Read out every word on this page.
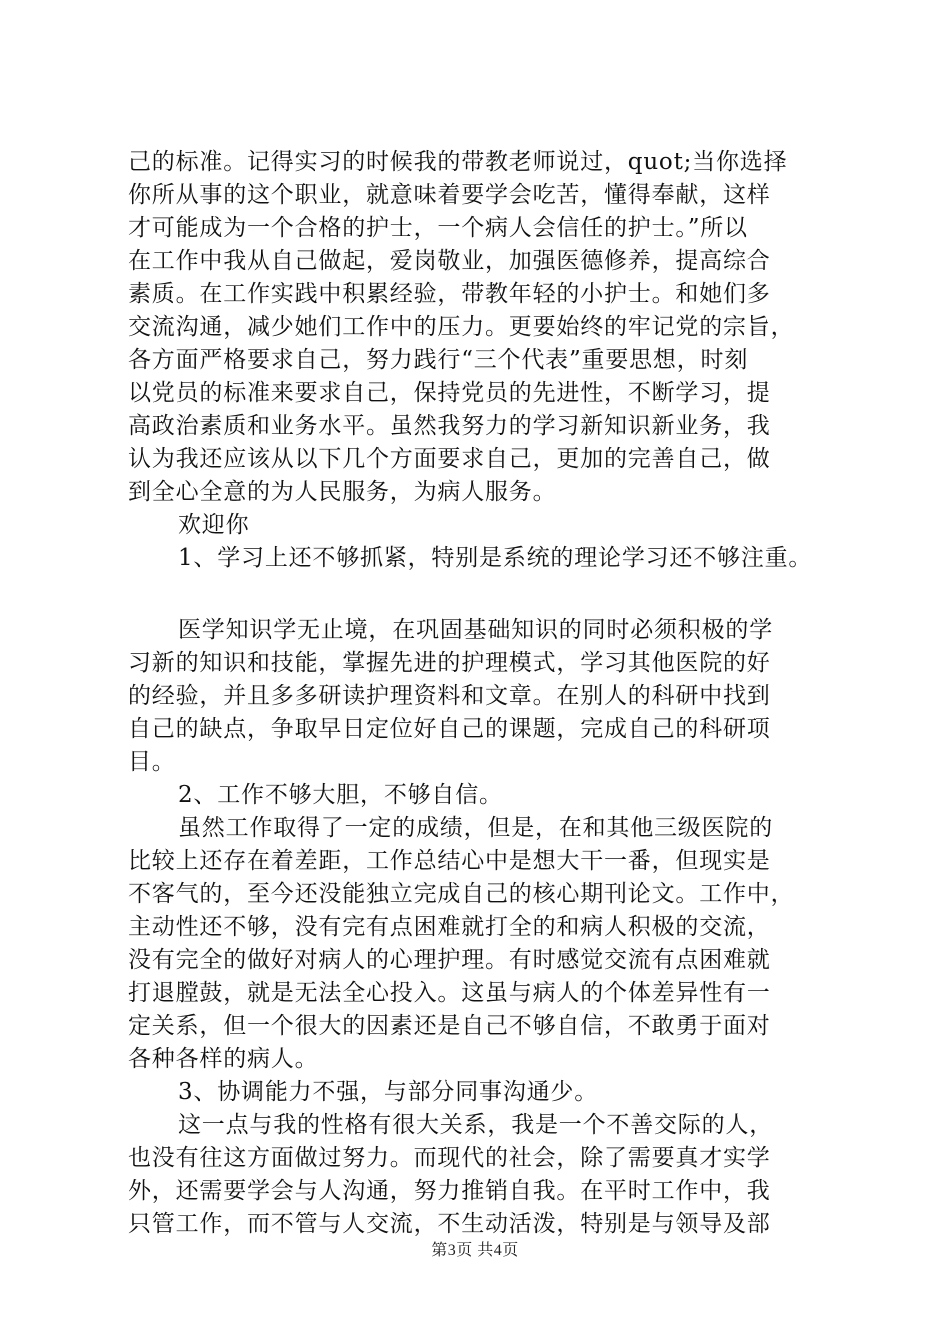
己的标准。记得实习的时候我的带教老师说过，quot;当你选择
你所从事的这个职业，就意味着要学会吃苦，懂得奉献，这样
才可能成为一个合格的护士，一个病人会信任的护士。”所以
在工作中我从自己做起，爱岗敬业，加强医德修养，提高综合
素质。在工作实践中积累经验，带教年轻的小护士。和她们多
交流沟通，减少她们工作中的压力。更要始终的牢记党的宗旨，
各方面严格要求自己，努力践行“三个代表”重要思想，时刻
以党员的标准来要求自己，保持党员的先进性，不断学习，提
高政治素质和业务水平。虽然我努力的学习新知识新业务，我
认为我还应该从以下几个方面要求自己，更加的完善自己，做
到全心全意的为人民服务，为病人服务。
欢迎你
1、学习上还不够抓紧，特别是系统的理论学习还不够注重。
医学知识学无止境，在巩固基础知识的同时必须积极的学
习新的知识和技能，掌握先进的护理模式，学习其他医院的好
的经验，并且多多研读护理资料和文章。在别人的科研中找到
自己的缺点，争取早日定位好自己的课题，完成自己的科研项
目。
2、工作不够大胆，不够自信。
虽然工作取得了一定的成绩，但是，在和其他三级医院的
比较上还存在着差距，工作总结心中是想大干一番，但现实是
不客气的，至今还没能独立完成自己的核心期刊论文。工作中，
主动性还不够，没有完有点困难就打全的和病人积极的交流，
没有完全的做好对病人的心理护理。有时感觉交流有点困难就
打退膛鼓，就是无法全心投入。这虽与病人的个体差异性有一
定关系，但一个很大的因素还是自己不够自信，不敢勇于面对
各种各样的病人。
3、协调能力不强，与部分同事沟通少。
这一点与我的性格有很大关系，我是一个不善交际的人，
也没有往这方面做过努力。而现代的社会，除了需要真才实学
外，还需要学会与人沟通，努力推销自我。在平时工作中，我
只管工作，而不管与人交流，不生动活泼，特别是与领导及部
第3页 共4页
